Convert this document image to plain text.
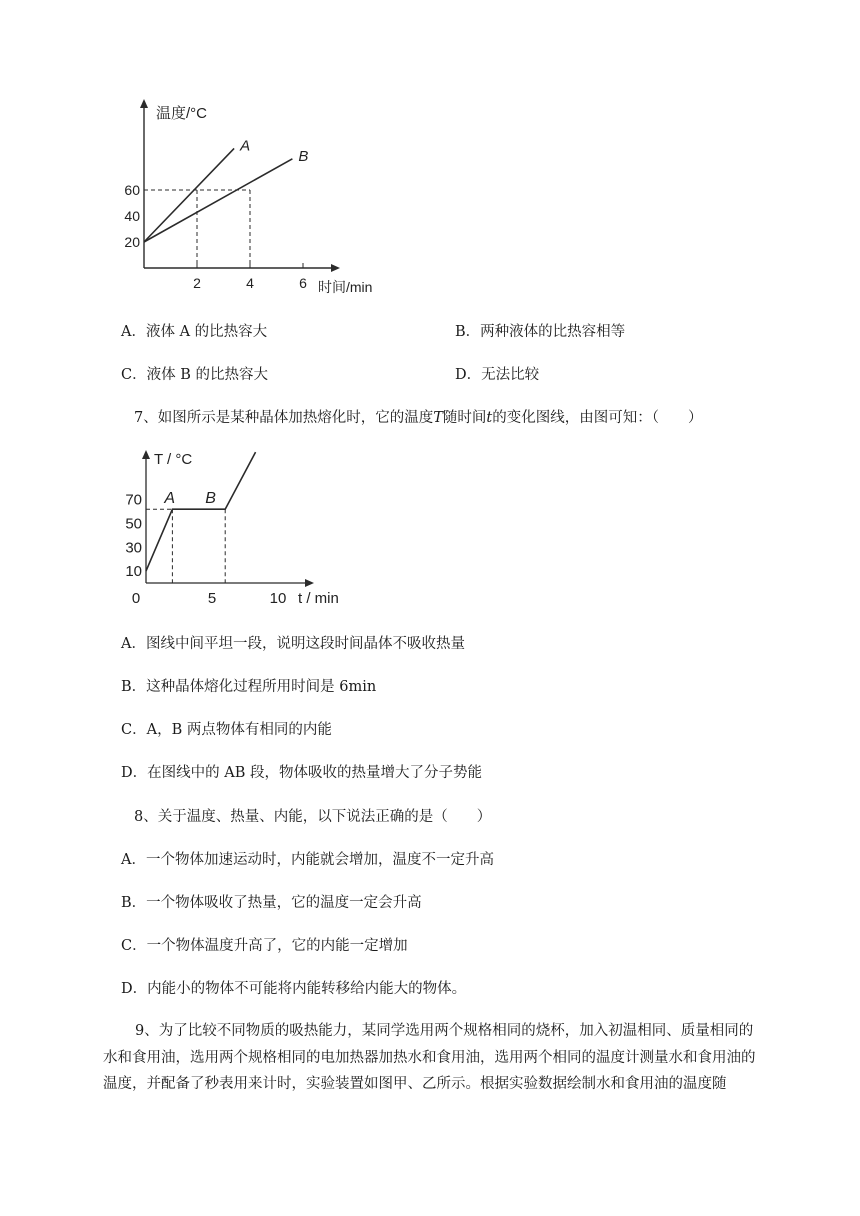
温度/°C
时间/min
2	4	6
20
40
60
A
B
A．液体 A 的比热容大	B．两种液体的比热容相等
C．液体 B 的比热容大	D．无法比较
7、如图所示是某种晶体加热熔化时，它的温度T随时间t的变化图线，由图可知：（　　）
T / °C
t / min
0	5	10
10
30
50
70 A B
A．图线中间平坦一段，说明这段时间晶体不吸收热量
B．这种晶体熔化过程所用时间是 6min
C．A，B 两点物体有相同的内能
D．在图线中的 AB 段，物体吸收的热量增大了分子势能
8、关于温度、热量、内能，以下说法正确的是（　　）
A．一个物体加速运动时，内能就会增加，温度不一定升高
B．一个物体吸收了热量，它的温度一定会升高
C．一个物体温度升高了，它的内能一定增加
D．内能小的物体不可能将内能转移给内能大的物体。
9、为了比较不同物质的吸热能力，某同学选用两个规格相同的烧杯，加入初温相同、质量相同的水和食用油，选用两个规格相同的电加热器加热水和食用油，选用两个相同的温度计测量水和食用油的温度，并配备了秒表用来计时，实验装置如图甲、乙所示。根据实验数据绘制水和食用油的温度随
